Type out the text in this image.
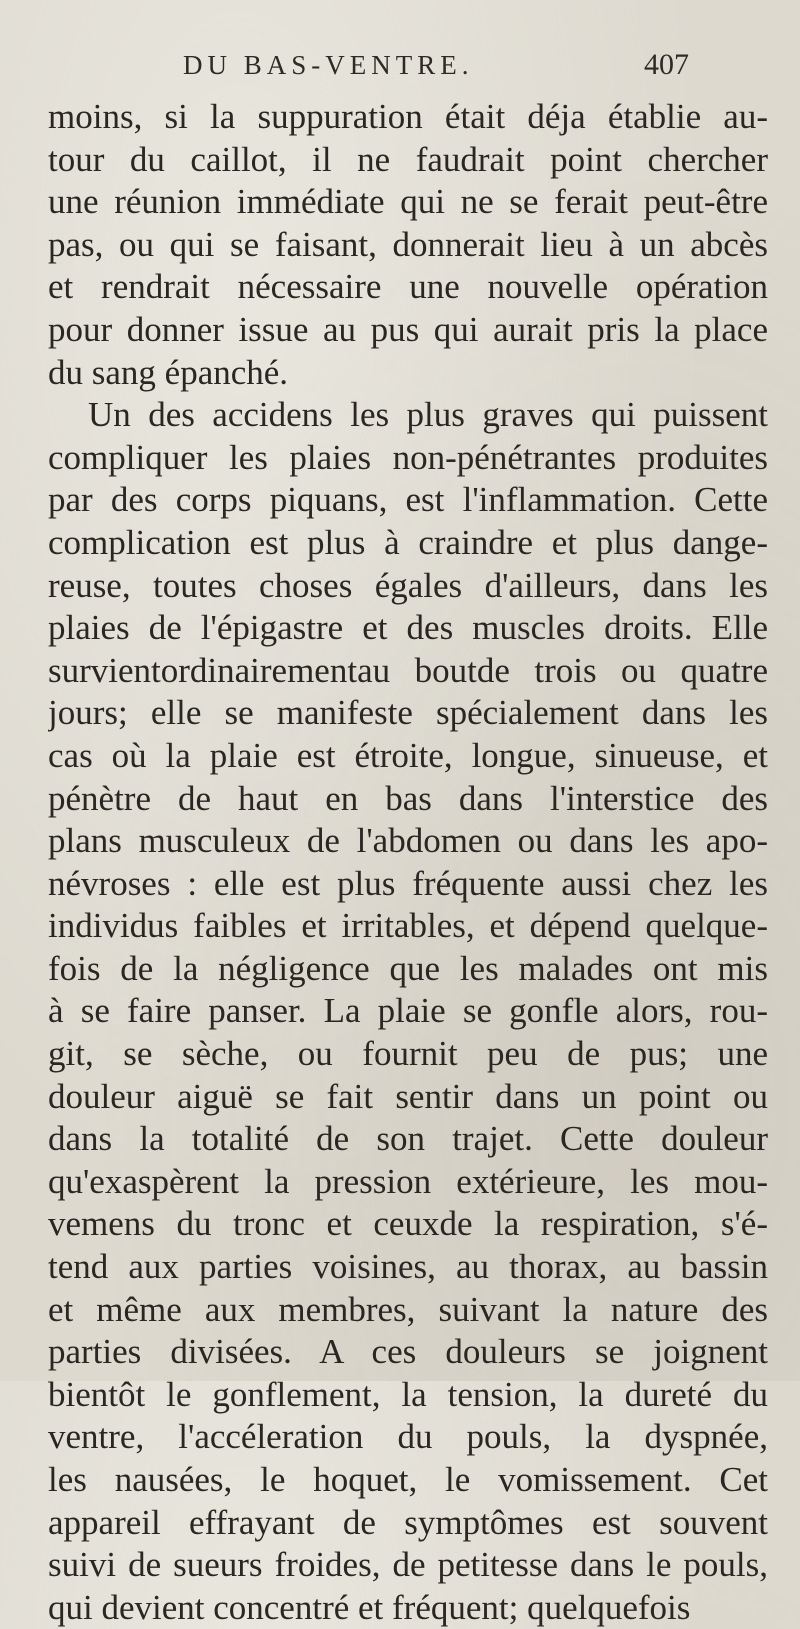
DU BAS-VENTRE.	407
moins, si la suppuration était déja établie au-
tour du caillot, il ne faudrait point chercher
une réunion immédiate qui ne se ferait peut-être
pas, ou qui se faisant, donnerait lieu à un abcès
et rendrait nécessaire une nouvelle opération
pour donner issue au pus qui aurait pris la place
du sang épanché.
Un des accidens les plus graves qui puissent
compliquer les plaies non-pénétrantes produites
par des corps piquans, est l'inflammation. Cette
complication est plus à craindre et plus dange-
reuse, toutes choses égales d'ailleurs, dans les
plaies de l'épigastre et des muscles droits. Elle
survientordinairementau boutde trois ou quatre
jours; elle se manifeste spécialement dans les
cas où la plaie est étroite, longue, sinueuse, et
pénètre de haut en bas dans l'interstice des
plans musculeux de l'abdomen ou dans les apo-
névroses : elle est plus fréquente aussi chez les
individus faibles et irritables, et dépend quelque-
fois de la négligence que les malades ont mis
à se faire panser. La plaie se gonfle alors, rou-
git, se sèche, ou fournit peu de pus; une
douleur aiguë se fait sentir dans un point ou
dans la totalité de son trajet. Cette douleur
qu'exaspèrent la pression extérieure, les mou-
vemens du tronc et ceuxde la respiration, s'é-
tend aux parties voisines, au thorax, au bassin
et même aux membres, suivant la nature des
parties divisées. A ces douleurs se joignent
bientôt le gonflement, la tension, la dureté du
ventre, l'accéleration du pouls, la dyspnée,
les nausées, le hoquet, le vomissement. Cet
appareil effrayant de symptômes est souvent
suivi de sueurs froides, de petitesse dans le pouls,
qui devient concentré et fréquent; quelquefois
